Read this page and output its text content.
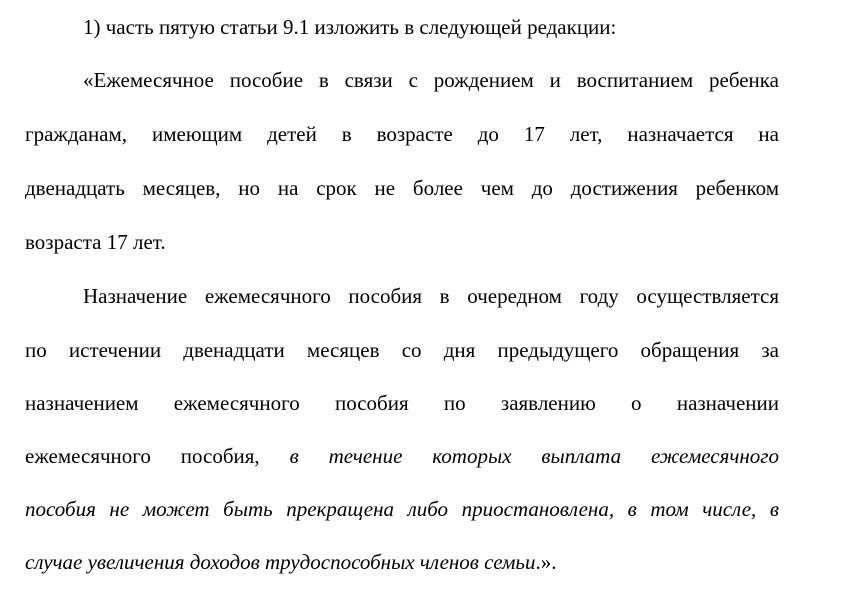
1) часть пятую статьи 9.1 изложить в следующей редакции:
«Ежемесячное пособие в связи с рождением и воспитанием ребенка
гражданам, имеющим детей в возрасте до 17 лет, назначается на
двенадцать месяцев, но на срок не более чем до достижения ребенком
возраста 17 лет.
Назначение ежемесячного пособия в очередном году осуществляется
по истечении двенадцати месяцев со дня предыдущего обращения за
назначением ежемесячного пособия по заявлению о назначении
ежемесячного пособия, в течение которых выплата ежемесячного
пособия не может быть прекращена либо приостановлена, в том числе, в
случае увеличения доходов трудоспособных членов семьи.».
